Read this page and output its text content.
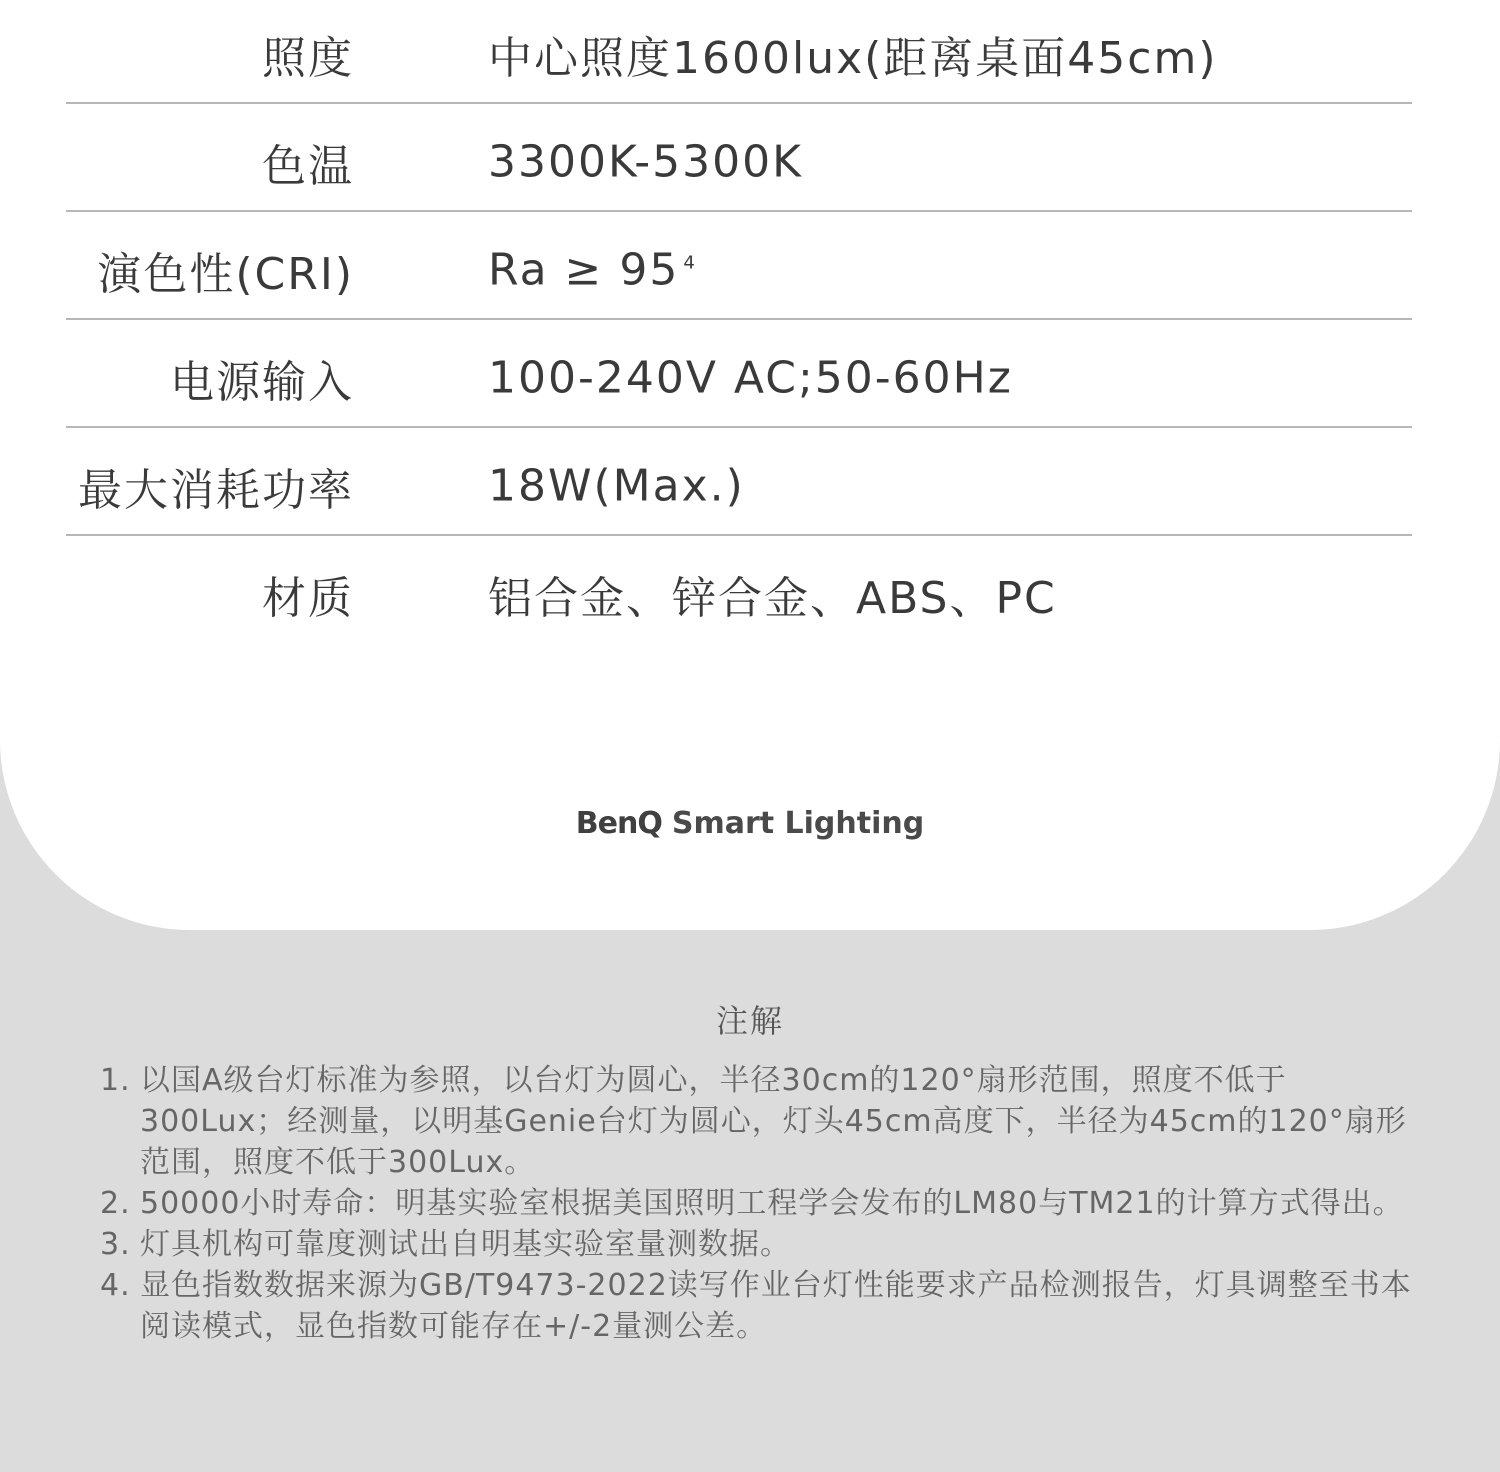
照度	中心照度1600lux(距离桌面45cm)
色温	3300K-5300K
演色性(CRI)	Ra ≥ 95 $^4$
电源输入	100-240V AC;50-60Hz
最大消耗功率	18W(Max.)
材质	铝合金、锌合金、ABS、PC
BenQ Smart Lighting
注解
1. 以国A级台灯标准为参照，以台灯为圆心，半径30cm的120°扇形范围，照度不低于300Lux；经测量，以明基Genie台灯为圆心，灯头45cm高度下，半径为45cm的120°扇形范围，照度不低于300Lux。
2. 50000小时寿命：明基实验室根据美国照明工程学会发布的LM80与TM21的计算方式得出。
3. 灯具机构可靠度测试出自明基实验室量测数据。
4. 显色指数数据来源为GB/T9473-2022读写作业台灯性能要求产品检测报告，灯具调整至书本阅读模式，显色指数可能存在+/-2量测公差。
